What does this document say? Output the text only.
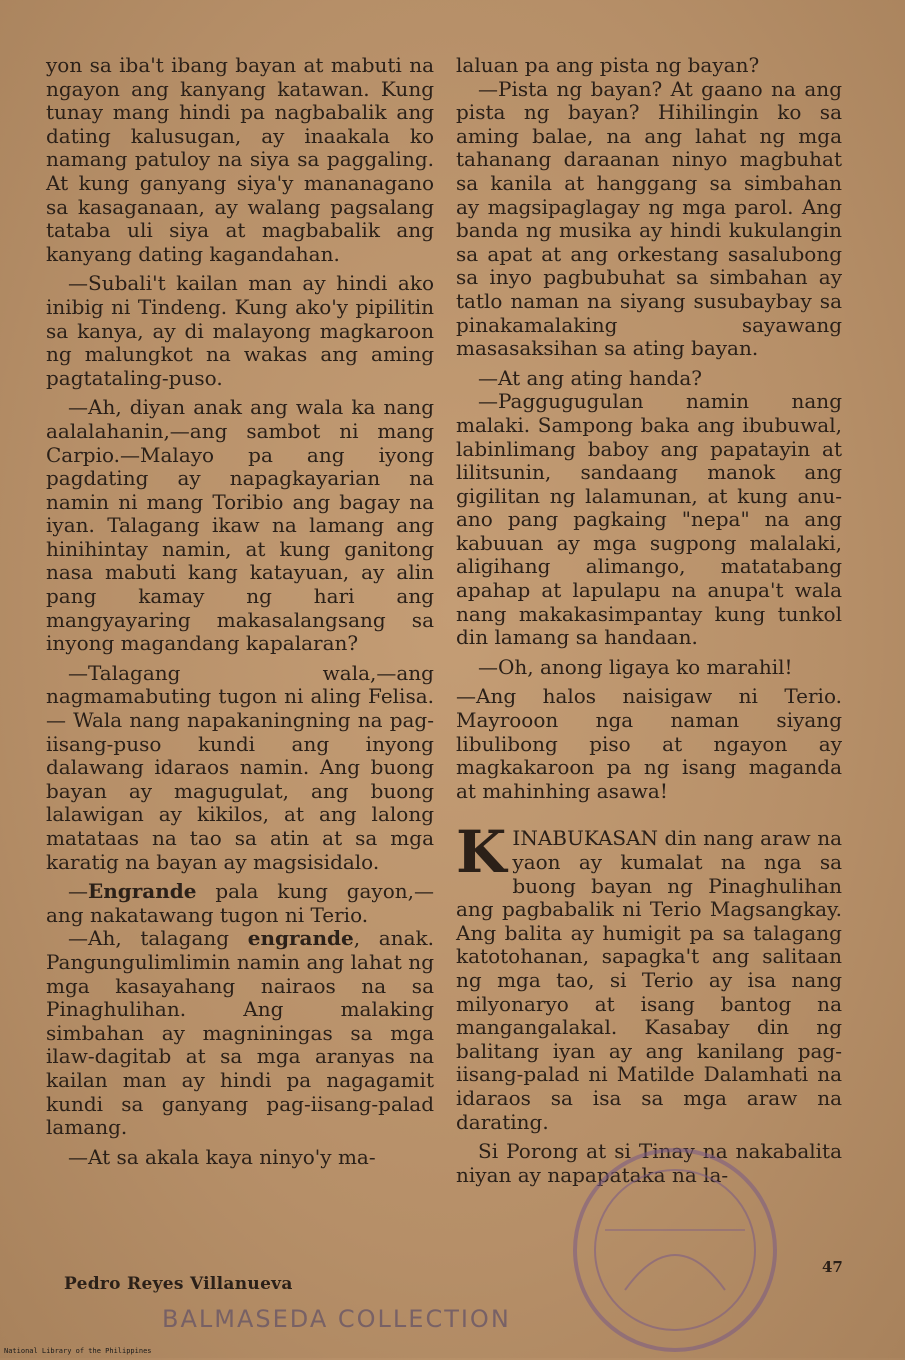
yon sa iba't ibang bayan at mabuti na ngayon ang kanyang katawan. Kung tunay mang hindi pa nagbabalik ang dating kalusugan, ay inaakala ko namang patuloy na siya sa paggaling. At kung ganyang siya'y mananagano sa kasaganaan, ay walang pagsalang tataba uli siya at magbabalik ang kanyang dating kagandahan.

—Subali't kailan man ay hindi ako inibig ni Tindeng. Kung ako'y pipilitin sa kanya, ay di malayong magkaroon ng malungkot na wakas ang aming pagtataling-puso.

—Ah, diyan anak ang wala ka nang aalalahanin,—ang sambot ni mang Carpio.—Malayo pa ang iyong pagdating ay napagkayarian na namin ni mang Toribio ang bagay na iyan. Talagang ikaw na lamang ang hinihintay namin, at kung ganitong nasa mabuti kang katayuan, ay alin pang kamay ng hari ang mangyayaring makasalangsang sa inyong magandang kapalaran?

—Talagang wala,—ang nagmamabuting tugon ni aling Felisa.— Wala nang napakaningning na pag-iisang-puso kundi ang inyong dalawang idaraos namin. Ang buong bayan ay magugulat, ang buong lalawigan ay kikilos, at ang lalong matataas na tao sa atin at sa mga karatig na bayan ay magsisidalo.

—Engrande pala kung gayon,— ang nakatawang tugon ni Terio.

—Ah, talagang engrande, anak. Pangungulimlimin namin ang lahat ng mga kasayahang nairaos na sa Pinaghulihan. Ang malaking simbahan ay magniningas sa mga ilaw-dagitab at sa mga aranyas na kailan man ay hindi pa nagagamit kundi sa ganyang pag-iisang-palad lamang.

—At sa akala kaya ninyo'y ma-

laluan pa ang pista ng bayan?

—Pista ng bayan? At gaano na ang pista ng bayan? Hihilingin ko sa aming balae, na ang lahat ng mga tahanang daraanan ninyo magbuhat sa kanila at hanggang sa simbahan ay magsipaglagay ng mga parol. Ang banda ng musika ay hindi kukulangin sa apat at ang orkestang sasalubong sa inyo pagbubuhat sa simbahan ay tatlo naman na siyang susubaybay sa pinakamalaking sayawang masasaksihan sa ating bayan.

—At ang ating handa?

—Paggugugulan namin nang malaki. Sampong baka ang ibubuwal, labinlimang baboy ang papatayin at lilitsunin, sandaang manok ang gigilitan ng lalamunan, at kung anu-ano pang pagkaing "nepa" na ang kabuuan ay mga sugpong malalaki, aligihang alimango, matatabang apahap at lapulapu na anupa't wala nang makakasimpantay kung tunkol din lamang sa handaan.

—Oh, anong ligaya ko marahil!

—Ang halos naisigaw ni Terio. Mayrooon nga naman siyang libulibong piso at ngayon ay magkakaroon pa ng isang maganda at mahinhing asawa!

KINABUKASAN din nang araw na yaon ay kumalat na nga sa buong bayan ng Pinaghulihan ang pagbabalik ni Terio Magsangkay. Ang balita ay humigit pa sa talagang katotohanan, sapagka't ang salitaan ng mga tao, si Terio ay isa nang milyonaryo at isang bantog na mangangalakal. Kasabay din ng balitang iyan ay ang kanilang pag-iisang-palad ni Matilde Dalamhati na idaraos sa isa sa mga araw na darating.

Si Porong at si Tinay na nakabalita niyan ay napapataka na la-

Pedro Reyes Villanueva
47
BALMASEDA COLLECTION
National Library of the Philippines
